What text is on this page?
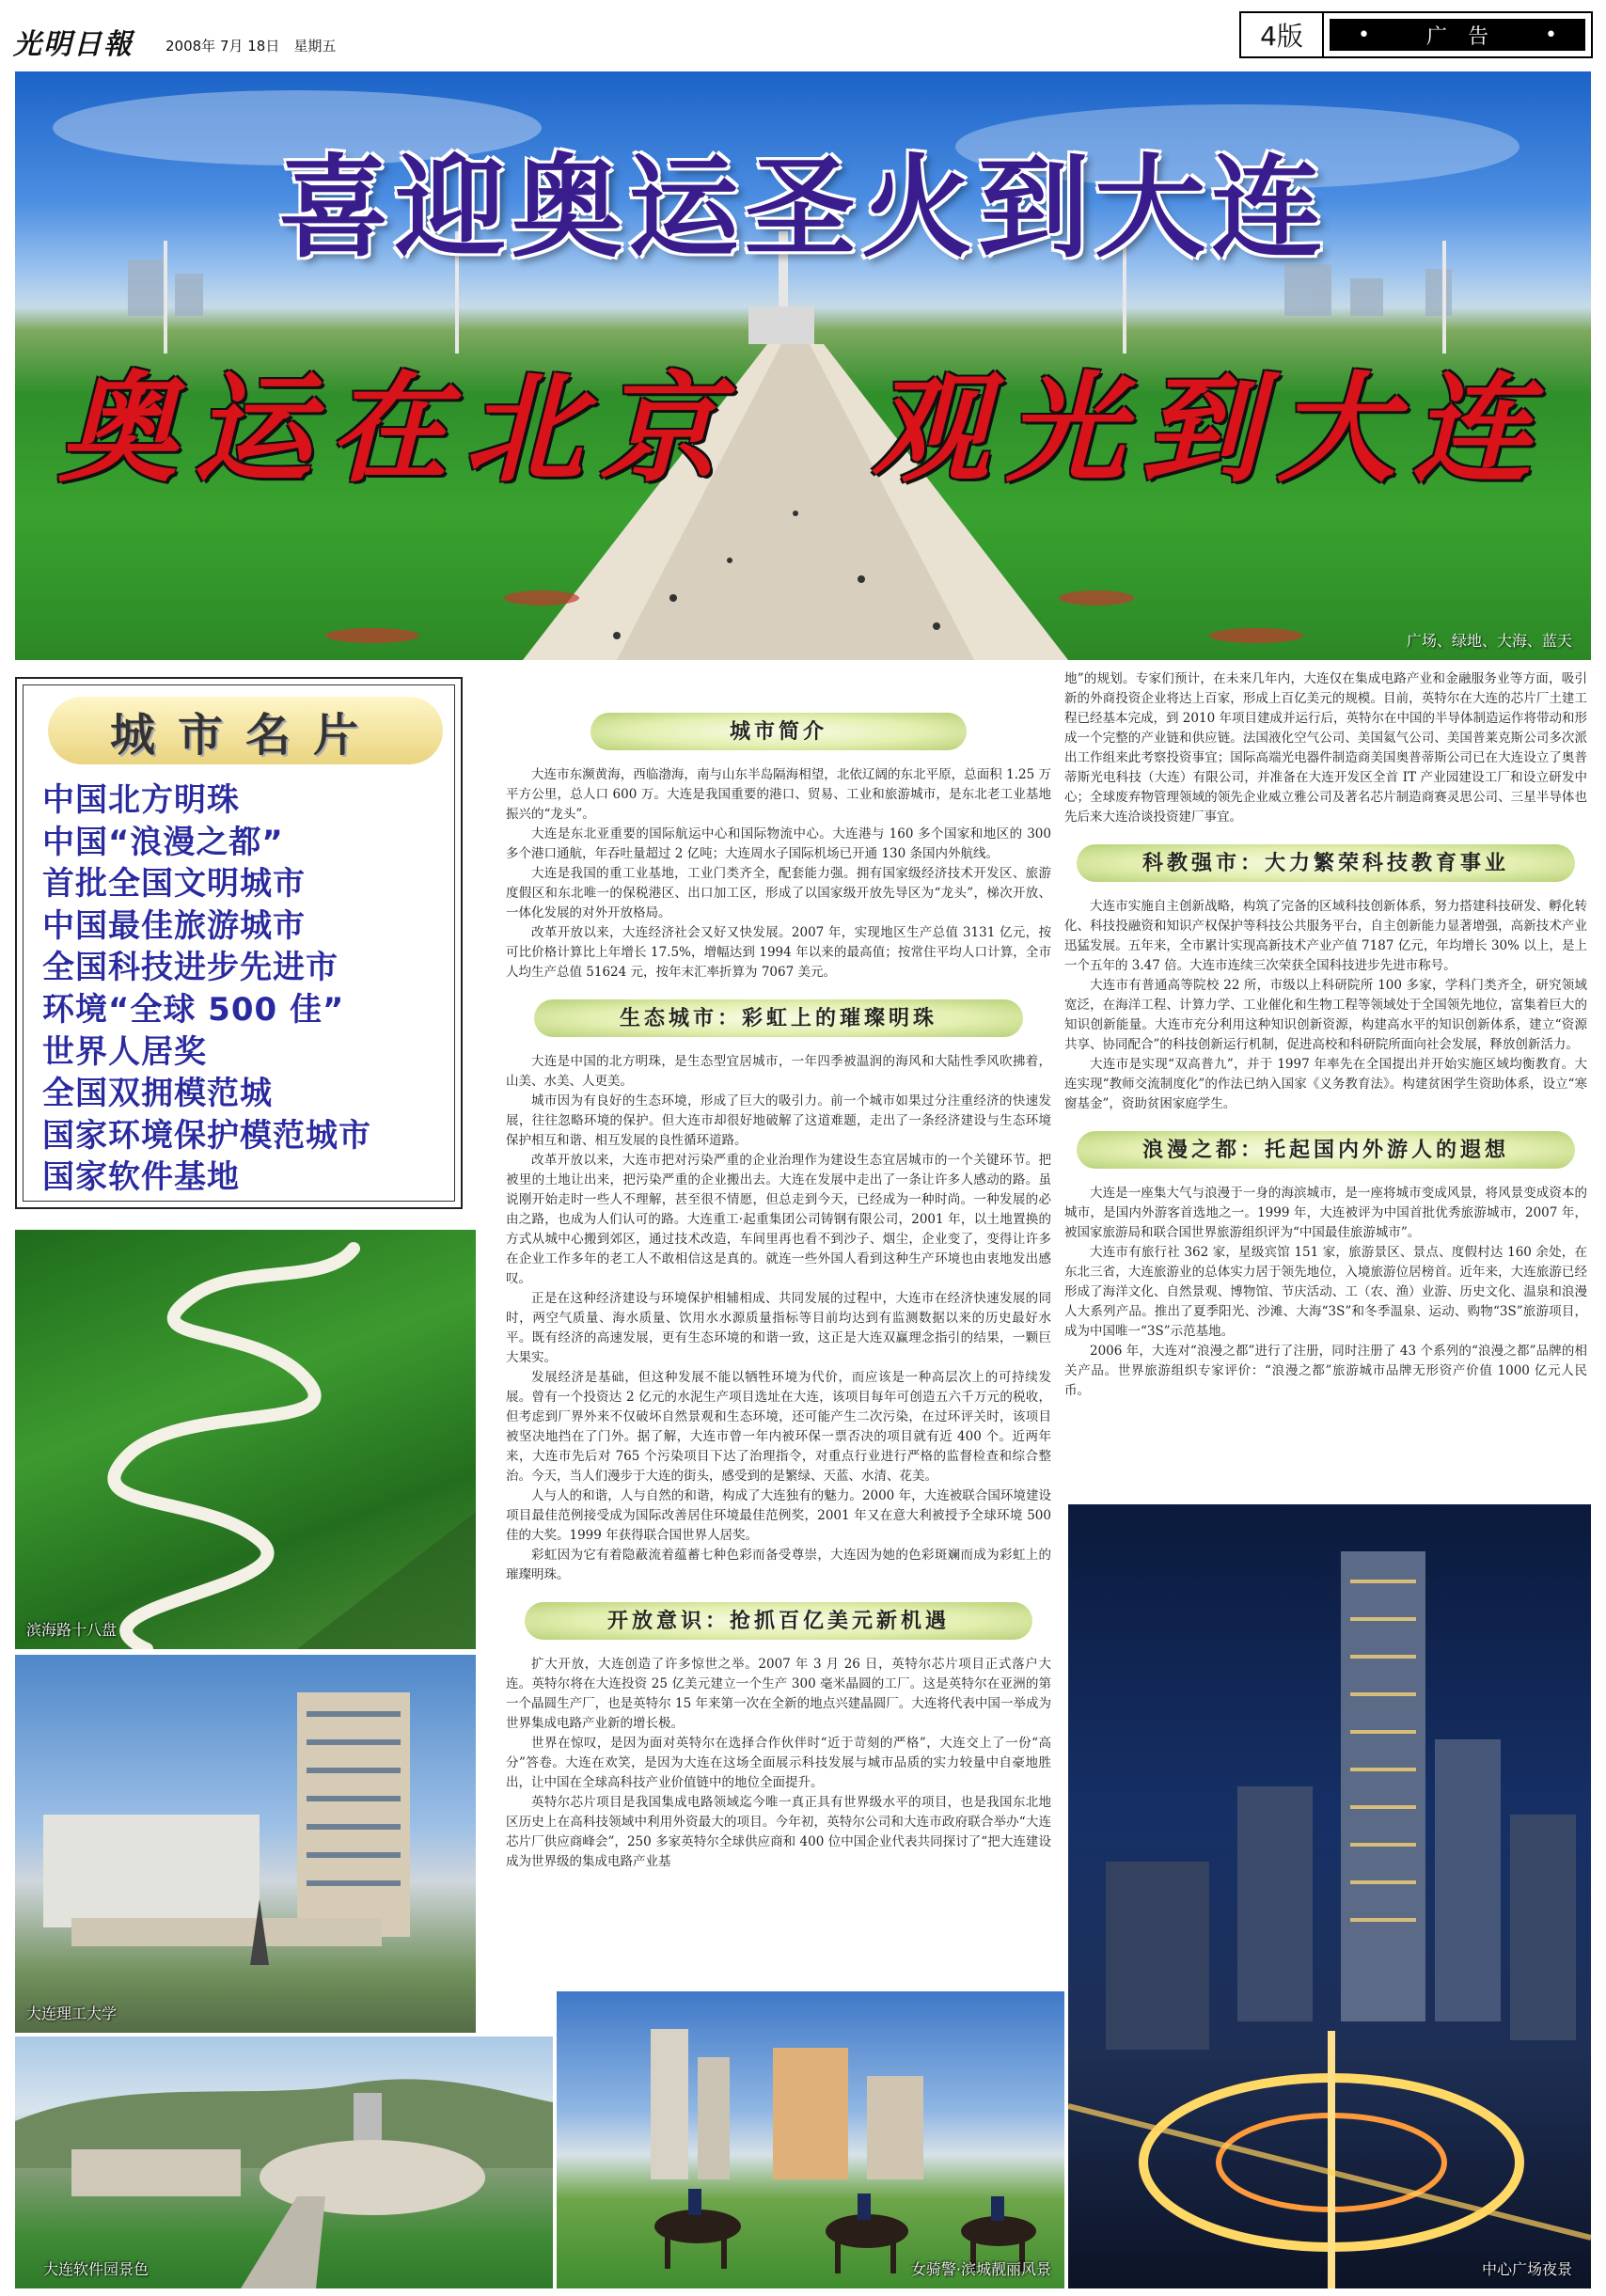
光明日報 2008年 7月 18日　星期五	4版	•	广　告	•
喜迎奥运圣火到大连
奥运在北京　观光到大连
广场、绿地、大海、蓝天
城市名片
中国北方明珠
中国“浪漫之都”
首批全国文明城市
中国最佳旅游城市
全国科技进步先进市
环境“全球 500 佳”
世界人居奖
全国双拥模范城
国家环境保护模范城市
国家软件基地
滨海路十八盘
大连理工大学
大连软件园景色	女骑警·滨城靓丽风景	中心广场夜景
城市简介

大连市东濒黄海，西临渤海，南与山东半岛隔海相望，北依辽阔的东北平原，总面积 1.25 万平方公里，总人口 600 万。大连是我国重要的港口、贸易、工业和旅游城市，是东北老工业基地振兴的“龙头”。

大连是东北亚重要的国际航运中心和国际物流中心。大连港与 160 多个国家和地区的 300 多个港口通航，年吞吐量超过 2 亿吨；大连周水子国际机场已开通 130 条国内外航线。

大连是我国的重工业基地，工业门类齐全，配套能力强。拥有国家级经济技术开发区、旅游度假区和东北唯一的保税港区、出口加工区，形成了以国家级开放先导区为“龙头”，梯次开放、一体化发展的对外开放格局。

改革开放以来，大连经济社会又好又快发展。2007 年，实现地区生产总值 3131 亿元，按可比价格计算比上年增长 17.5%，增幅达到 1994 年以来的最高值；按常住平均人口计算，全市人均生产总值 51624 元，按年末汇率折算为 7067 美元。

生态城市：彩虹上的璀璨明珠

大连是中国的北方明珠，是生态型宜居城市，一年四季被温润的海风和大陆性季风吹拂着，山美、水美、人更美。

城市因为有良好的生态环境，形成了巨大的吸引力。前一个城市如果过分注重经济的快速发展，往往忽略环境的保护。但大连市却很好地破解了这道难题，走出了一条经济建设与生态环境保护相互和谐、相互发展的良性循环道路。

改革开放以来，大连市把对污染严重的企业治理作为建设生态宜居城市的一个关键环节。把被里的土地让出来，把污染严重的企业搬出去。大连在发展中走出了一条让许多人感动的路。虽说刚开始走时一些人不理解，甚至很不情愿，但总走到今天，已经成为一种时尚。一种发展的必由之路，也成为人们认可的路。大连重工·起重集团公司铸钢有限公司，2001 年，以土地置换的方式从城中心搬到郊区，通过技术改造，车间里再也看不到沙子、烟尘，企业变了，变得让许多在企业工作多年的老工人不敢相信这是真的。就连一些外国人看到这种生产环境也由衷地发出感叹。

正是在这种经济建设与环境保护相辅相成、共同发展的过程中，大连市在经济快速发展的同时，两空气质量、海水质量、饮用水水源质量指标等目前均达到有监测数据以来的历史最好水平。既有经济的高速发展，更有生态环境的和谐一致，这正是大连双赢理念指引的结果，一颗巨大果实。

发展经济是基础，但这种发展不能以牺牲环境为代价，而应该是一种高层次上的可持续发展。曾有一个投资达 2 亿元的水泥生产项目选址在大连，该项目每年可创造五六千万元的税收，但考虑到厂界外来不仅破坏自然景观和生态环境，还可能产生二次污染，在过环评关时，该项目被坚决地挡在了门外。据了解，大连市曾一年内被环保一票否决的项目就有近 400 个。近两年来，大连市先后对 765 个污染项目下达了治理指令，对重点行业进行严格的监督检查和综合整治。今天，当人们漫步于大连的街头，感受到的是繁绿、天蓝、水清、花美。

人与人的和谐，人与自然的和谐，构成了大连独有的魅力。2000 年，大连被联合国环境建设项目最佳范例接受成为国际改善居住环境最佳范例奖，2001 年又在意大利被授予全球环境 500 佳的大奖。1999 年获得联合国世界人居奖。

彩虹因为它有着隐蔽流着蕴蓄七种色彩而备受尊崇，大连因为她的色彩斑斓而成为彩虹上的璀璨明珠。

开放意识：抢抓百亿美元新机遇

扩大开放，大连创造了许多惊世之举。2007 年 3 月 26 日，英特尔芯片项目正式落户大连。英特尔将在大连投资 25 亿美元建立一个生产 300 毫米晶圆的工厂。这是英特尔在亚洲的第一个晶圆生产厂，也是英特尔 15 年来第一次在全新的地点兴建晶圆厂。大连将代表中国一举成为世界集成电路产业新的增长极。

世界在惊叹，是因为面对英特尔在选择合作伙伴时“近于苛刻的严格”，大连交上了一份“高分”答卷。大连在欢笑，是因为大连在这场全面展示科技发展与城市品质的实力较量中自豪地胜出，让中国在全球高科技产业价值链中的地位全面提升。

英特尔芯片项目是我国集成电路领域迄今唯一真正具有世界级水平的项目，也是我国东北地区历史上在高科技领域中利用外资最大的项目。今年初，英特尔公司和大连市政府联合举办“大连芯片厂供应商峰会”，250 多家英特尔全球供应商和 400 位中国企业代表共同探讨了“把大连建设成为世界级的集成电路产业基

地”的规划。专家们预计，在未来几年内，大连仅在集成电路产业和金融服务业等方面，吸引新的外商投资企业将达上百家，形成上百亿美元的规模。目前，英特尔在大连的芯片厂土建工程已经基本完成，到 2010 年项目建成并运行后，英特尔在中国的半导体制造运作将带动和形成一个完整的产业链和供应链。法国液化空气公司、美国氦气公司、美国普莱克斯公司多次派出工作组来此考察投资事宜；国际高端光电器件制造商美国奥普蒂斯公司已在大连设立了奥普蒂斯光电科技（大连）有限公司，并准备在大连开发区全首 IT 产业园建设工厂和设立研发中心；全球废弃物管理领域的领先企业威立雅公司及著名芯片制造商赛灵思公司、三星半导体也先后来大连洽谈投资建厂事宜。

科教强市：大力繁荣科技教育事业

大连市实施自主创新战略，构筑了完备的区域科技创新体系，努力搭建科技研发、孵化转化、科技投融资和知识产权保护等科技公共服务平台，自主创新能力显著增强，高新技术产业迅猛发展。五年来，全市累计实现高新技术产业产值 7187 亿元，年均增长 30% 以上，是上一个五年的 3.47 倍。大连市连续三次荣获全国科技进步先进市称号。

大连市有普通高等院校 22 所，市级以上科研院所 100 多家，学科门类齐全，研究领域宽泛，在海洋工程、计算力学、工业催化和生物工程等领域处于全国领先地位，富集着巨大的知识创新能量。大连市充分利用这种知识创新资源，构建高水平的知识创新体系，建立“资源共享、协同配合”的科技创新运行机制，促进高校和科研院所面向社会发展，释放创新活力。

大连市是实现“双高普九”，并于 1997 年率先在全国提出并开始实施区域均衡教育。大连实现“教师交流制度化”的作法已纳入国家《义务教育法》。构建贫困学生资助体系，设立“寒窗基金”，资助贫困家庭学生。

浪漫之都：托起国内外游人的遐想

大连是一座集大气与浪漫于一身的海滨城市，是一座将城市变成风景，将风景变成资本的城市，是国内外游客首选地之一。1999 年，大连被评为中国首批优秀旅游城市，2007 年，被国家旅游局和联合国世界旅游组织评为“中国最佳旅游城市”。

大连市有旅行社 362 家，星级宾馆 151 家，旅游景区、景点、度假村达 160 余处，在东北三省，大连旅游业的总体实力居于领先地位，入境旅游位居榜首。近年来，大连旅游已经形成了海洋文化、自然景观、博物馆、节庆活动、工（农、渔）业游、历史文化、温泉和浪漫人大系列产品。推出了夏季阳光、沙滩、大海“3S”和冬季温泉、运动、购物“3S”旅游项目，成为中国唯一“3S”示范基地。

2006 年，大连对“浪漫之都”进行了注册，同时注册了 43 个系列的“浪漫之都”品牌的相关产品。世界旅游组织专家评价：“浪漫之都”旅游城市品牌无形资产价值 1000 亿元人民币。
